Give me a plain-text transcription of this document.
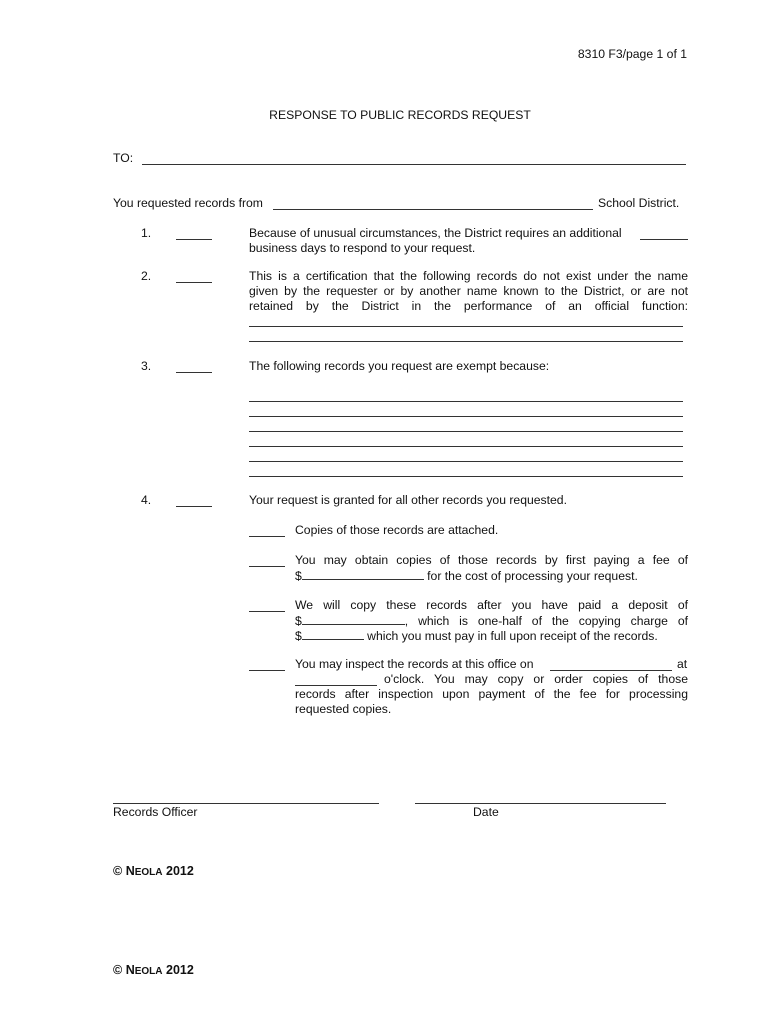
8310 F3/page 1 of 1
RESPONSE TO PUBLIC RECORDS REQUEST
TO:
You requested records from	School District.
1.	Because of unusual circumstances, the District requires an additional
business days to respond to your request.
2.	This is a certification that the following records do not exist under the name
given by the requester or by another name known to the District, or are not
retained by the District in the performance of an official function:
3.	The following records you request are exempt because:
4.	Your request is granted for all other records you requested.
Copies of those records are attached.
You may obtain copies of those records by first paying a fee of
$	for the cost of processing your request.
We will copy these records after you have paid a deposit of
$	, which is one-half of the copying charge of
$	which you must pay in full upon receipt of the records.
You may inspect the records at this office on	at
o'clock. You may copy or order copies of those
records after inspection upon payment of the fee for processing
requested copies.
Records Officer	Date
© NEOLA 2012
© NEOLA 2012
